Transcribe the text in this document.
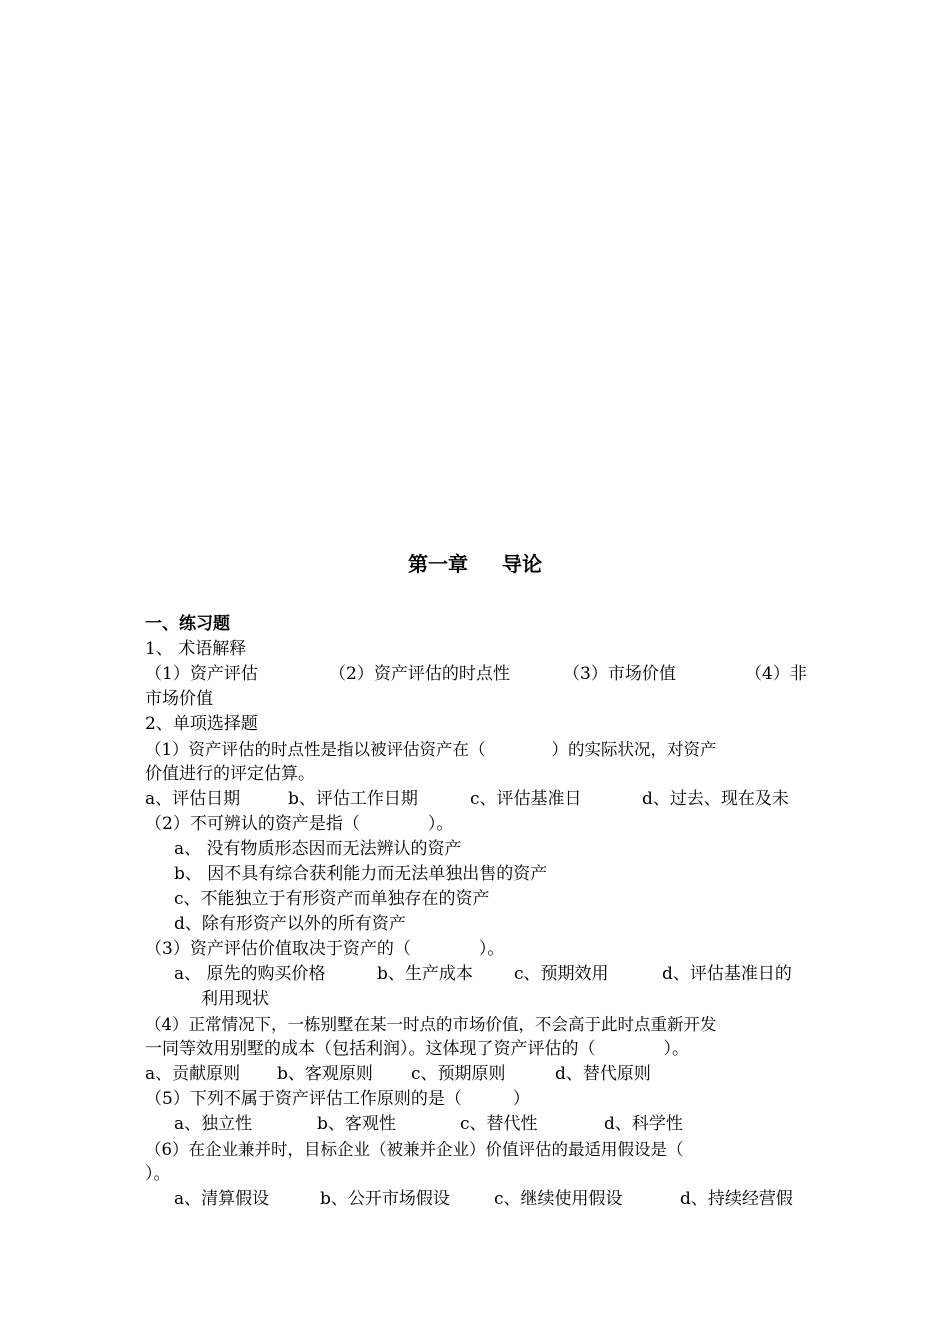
第一章 导论
一、练习题
1、 术语解释
（1）资产评估	（2）资产评估的时点性	（3）市场价值	（4）非
市场价值
2、单项选择题
（1）资产评估的时点性是指以被评估资产在（　　　　）的实际状况，对资产
价值进行的评定估算。
a、评估日期	b、评估工作日期	c、评估基准日	d、过去、现在及未
（2）不可辨认的资产是指（　　　　）。
a、 没有物质形态因而无法辨认的资产
b、 因不具有综合获利能力而无法单独出售的资产
c、不能独立于有形资产而单独存在的资产
d、除有形资产以外的所有资产
（3）资产评估价值取决于资产的（　　　　）。
a、 原先的购买价格	b、生产成本 c、预期效用	d、评估基准日的
利用现状
（4）正常情况下，一栋别墅在某一时点的市场价值，不会高于此时点重新开发
一同等效用别墅的成本（包括利润）。这体现了资产评估的（　　　　）。
a、贡献原则 b、客观原则 c、预期原则	d、替代原则
（5）下列不属于资产评估工作原则的是（　　　）
a、独立性	b、客观性	c、替代性	d、科学性
（6）在企业兼并时，目标企业（被兼并企业）价值评估的最适用假设是（
）。
a、清算假设	b、公开市场假设	c、继续使用假设	d、持续经营假
